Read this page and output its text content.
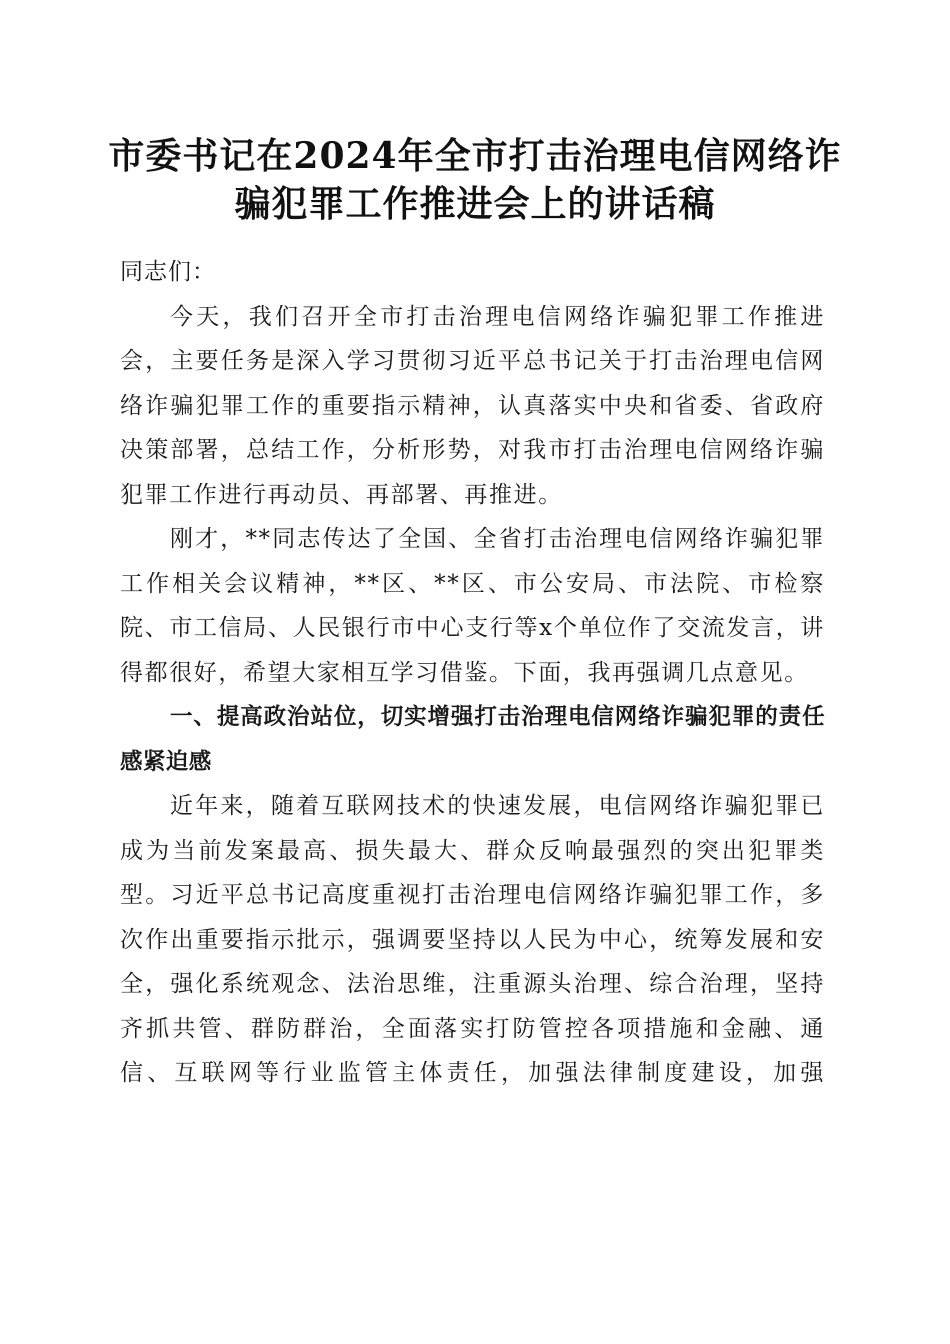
市委书记在2024年全市打击治理电信网络诈
骗犯罪工作推进会上的讲话稿

同志们：

今天，我们召开全市打击治理电信网络诈骗犯罪工作推进会，主要任务是深入学习贯彻习近平总书记关于打击治理电信网络诈骗犯罪工作的重要指示精神，认真落实中央和省委、省政府决策部署，总结工作，分析形势，对我市打击治理电信网络诈骗犯罪工作进行再动员、再部署、再推进。

刚才，**同志传达了全国、全省打击治理电信网络诈骗犯罪工作相关会议精神，**区、**区、市公安局、市法院、市检察院、市工信局、人民银行市中心支行等x个单位作了交流发言，讲得都很好，希望大家相互学习借鉴。下面，我再强调几点意见。

一、提高政治站位，切实增强打击治理电信网络诈骗犯罪的责任感紧迫感

近年来，随着互联网技术的快速发展，电信网络诈骗犯罪已成为当前发案最高、损失最大、群众反响最强烈的突出犯罪类型。习近平总书记高度重视打击治理电信网络诈骗犯罪工作，多次作出重要指示批示，强调要坚持以人民为中心，统筹发展和安全，强化系统观念、法治思维，注重源头治理、综合治理，坚持齐抓共管、群防群治，全面落实打防管控各项措施和金融、通信、互联网等行业监管主体责任，加强法律制度建设，加强
